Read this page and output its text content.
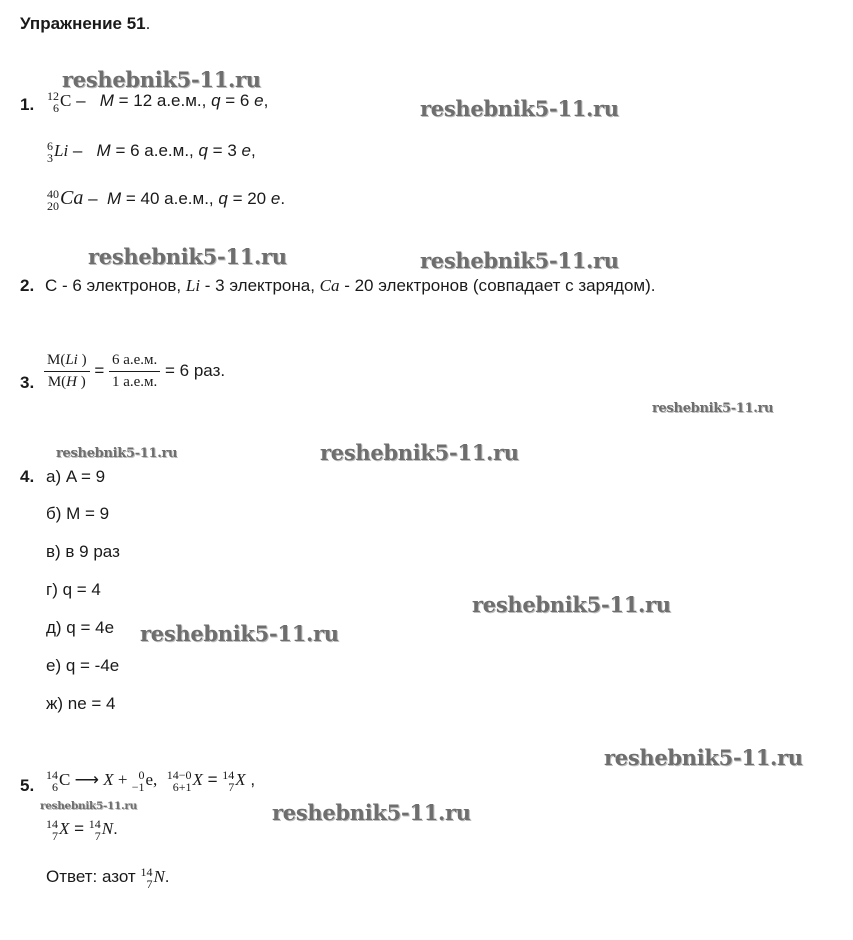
Упражнение 51.
1. 12
6 C – M = 12 а.е.м., q = 6 e,
6
3 Li – M = 6 а.е.м., q = 3 e,
40
20 Ca – M = 40 а.е.м., q = 20 e.
2. С - 6 электронов, Li - 3 электрона, Ca - 20 электронов (совпадает с зарядом).
3. $\frac{M(Li )}{M(H )} = \frac{6 а.е.м.}{1 а.е.м.} = 6$ раз.
4. а) A = 9
б) M = 9
в) в 9 раз
г) q = 4
д) q = 4e
е) q = -4e
ж) ne = 4
5.
14
6 C ⟶ X + 0
−1 e, 14−0
6+1 X = 14
7 X ,
14
7 X = 14
7 N.
Ответ: азот 14
7 N.
reshebnik5-11.ru
reshebnik5-11.ru
reshebnik5-11.ru	reshebnik5-11.ru
reshebnik5-11.ru
reshebnik5-11.ru	reshebnik5-11.ru
reshebnik5-11.ru
reshebnik5-11.ru
reshebnik5-11.ru
reshebnik5-11.ru	reshebnik5-11.ru
